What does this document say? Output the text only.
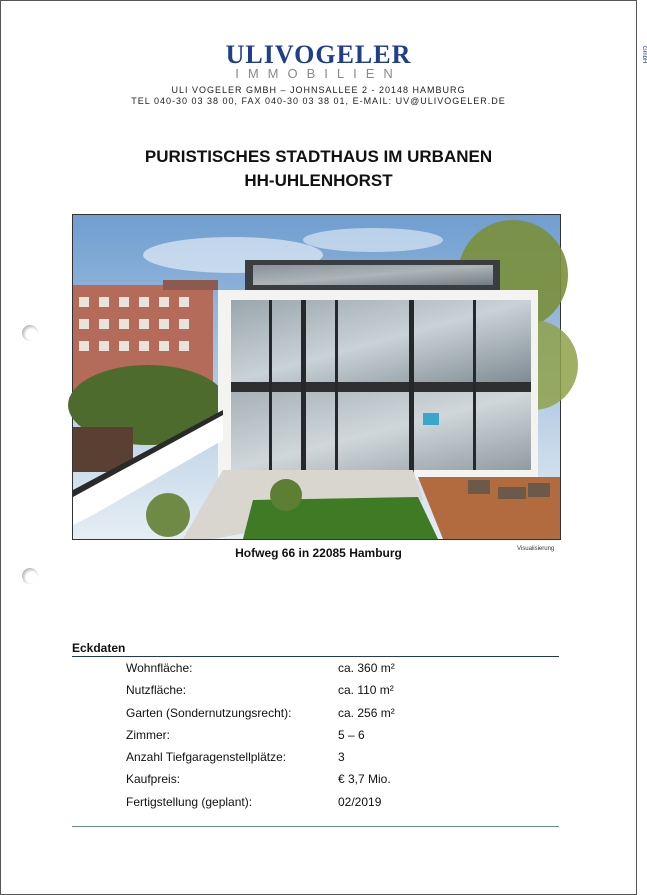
ULIVOGELER	GmbH
IMMOBILIEN
ULI VOGELER GMBH – JOHNSALLEE 2 - 20148 HAMBURG
TEL 040-30 03 38 00, FAX 040-30 03 38 01, E-MAIL: UV@ULIVOGELER.DE
PURISTISCHES STADTHAUS IM URBANEN
HH-UHLENHORST
Hofweg 66 in 22085 Hamburg	Visualisierung
Eckdaten
Wohnfläche:	ca. 360 m²
Nutzfläche:	ca. 110 m²
Garten (Sondernutzungsrecht):	ca. 256 m²
Zimmer:	5 – 6
Anzahl Tiefgaragenstellplätze:	3
Kaufpreis:	€ 3,7 Mio.
Fertigstellung (geplant):	02/2019
